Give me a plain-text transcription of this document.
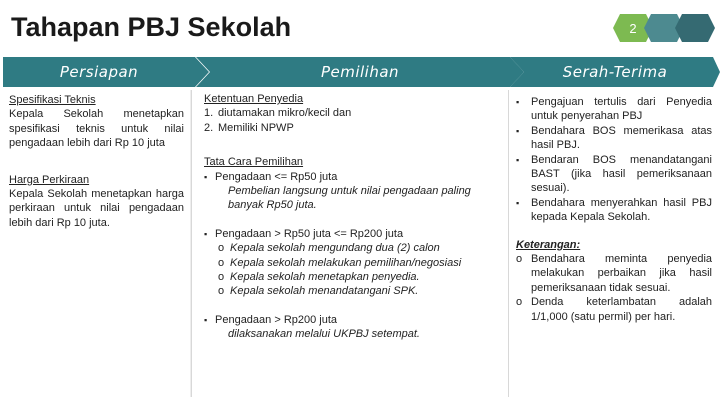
Tahapan PBJ Sekolah	2
Persiapan	Pemilihan	Serah-Terima
Spesifikasi Teknis
Kepala Sekolah menetapkan spesifikasi teknis untuk nilai pengadaan lebih dari Rp 10 juta
Harga Perkiraan
Kepala Sekolah menetapkan harga perkiraan untuk nilai pengadaan lebih dari Rp 10 juta.
Ketentuan Penyedia
1. diutamakan mikro/kecil dan
2. Memiliki NPWP
Tata Cara Pemilihan
▪ Pengadaan <= Rp50 juta
Pembelian langsung untuk nilai pengadaan paling banyak Rp50 juta.
▪ Pengadaan > Rp50 juta <= Rp200 juta
o Kepala sekolah mengundang dua (2) calon
o Kepala sekolah melakukan pemilihan/negosiasi
o Kepala sekolah menetapkan penyedia.
o Kepala sekolah menandatangani SPK.
▪ Pengadaan > Rp200 juta
dilaksanakan melalui UKPBJ setempat.
▪	Pengajuan tertulis dari Penyedia untuk penyerahan PBJ
▪	Bendahara BOS memerikasa atas hasil PBJ.
▪	Bendaran BOS menandatangani BAST (jika hasil pemeriksanaan sesuai).
▪	Bendahara menyerahkan hasil PBJ kepada Kepala Sekolah.
Keterangan:
o Bendahara meminta penyedia melakukan perbaikan jika hasil pemeriksanaan tidak sesuai.
o Denda keterlambatan adalah 1/1,000 (satu permil) per hari.
